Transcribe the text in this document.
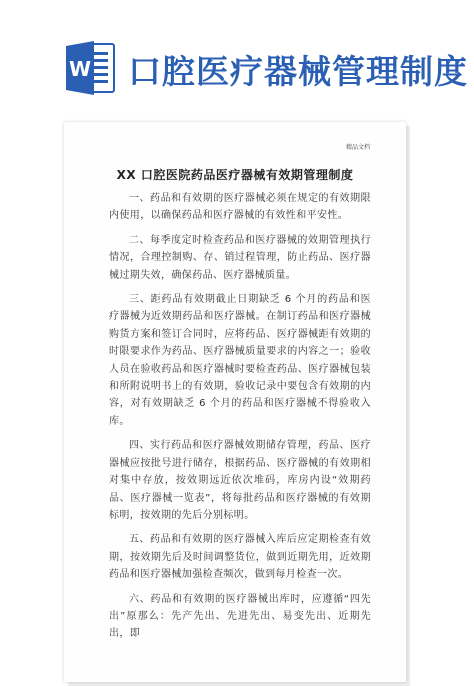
W 口腔医疗器械管理制度
精品文档
XX 口腔医院药品医疗器械有效期管理制度

一、药品和有效期的医疗器械必须在规定的有效期限内使用，以确保药品和医疗器械的有效性和平安性。

二、每季度定时检查药品和医疗器械的效期管理执行情况，合理控制购、存、销过程管理，防止药品、医疗器械过期失效，确保药品、医疗器械质量。

三、距药品有效期截止日期缺乏 6 个月的药品和医疗器械为近效期药品和医疗器械。在制订药品和医疗器械购货方案和签订合同时，应将药品、医疗器械距有效期的时限要求作为药品、医疗器械质量要求的内容之一；验收人员在验收药品和医疗器械时要检查药品、医疗器械包装和所附说明书上的有效期，验收记录中要包含有效期的内容，对有效期缺乏 6 个月的药品和医疗器械不得验收入库。

四、实行药品和医疗器械效期储存管理，药品、医疗器械应按批号进行储存，根据药品、医疗器械的有效期相对集中存放，按效期远近依次堆码，库房内设“效期药品、医疗器械一览表”，将每批药品和医疗器械的有效期标明，按效期的先后分别标明。

五、药品和有效期的医疗器械入库后应定期检查有效期，按效期先后及时间调整货位，做到近期先用，近效期药品和医疗器械加强检查频次，做到每月检查一次。

六、药品和有效期的医疗器械出库时，应遵循“四先出”原那么：先产先出、先进先出、易变先出、近期先出，即
